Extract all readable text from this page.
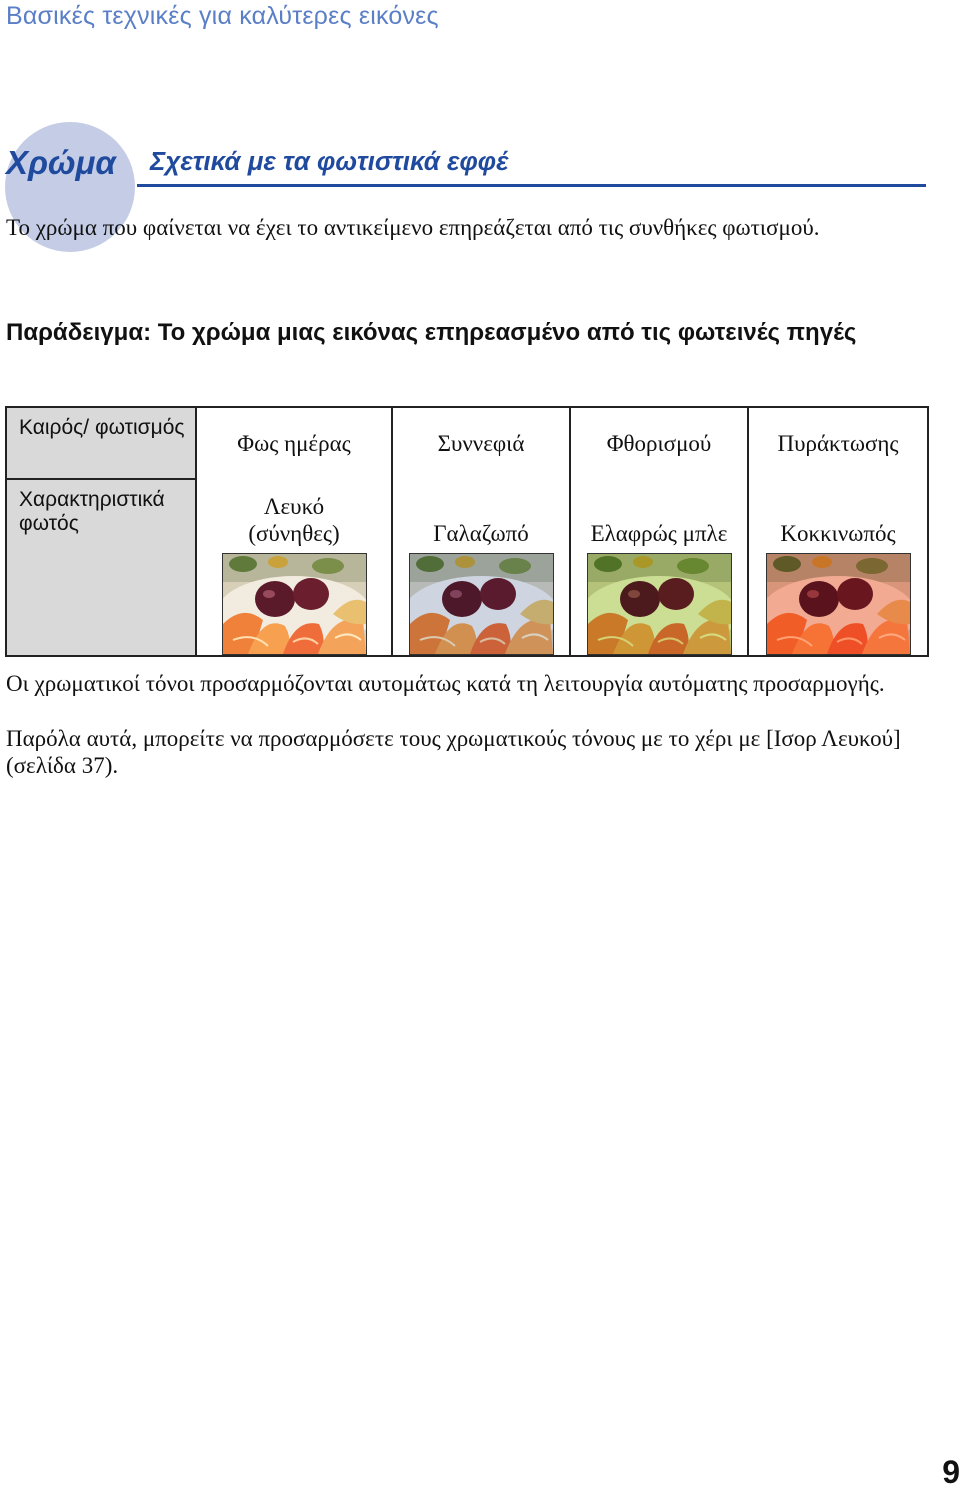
Βασικές τεχνικές για καλύτερες εικόνες
Χρώμα Σχετικά με τα φωτιστικά εφφέ
Το χρώμα που φαίνεται να έχει το αντικείμενο επηρεάζεται από τις συνθήκες φωτισμού.
Παράδειγμα: Το χρώμα μιας εικόνας επηρεασμένο από τις φωτεινές πηγές
Καιρός/ φωτισμός	Φως ημέρας	Συννεφιά	Φθορισμού	Πυράκτωσης
Χαρακτηριστικά φωτός	Λευκό (σύνηθες)	Γαλαζωπό	Ελαφρώς μπλε	Κοκκινωπός
Οι χρωματικοί τόνοι προσαρμόζονται αυτομάτως κατά τη λειτουργία αυτόματης προσαρμογής.
Παρόλα αυτά, μπορείτε να προσαρμόσετε τους χρωματικούς τόνους με το χέρι με [Ισορ Λευκού] (σελίδα 37).
9
